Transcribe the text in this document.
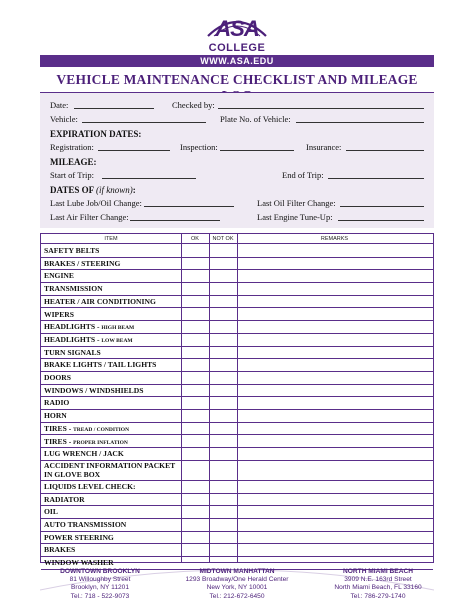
ASA
COLLEGE
WWW.ASA.EDU
VEHICLE MAINTENANCE CHECKLIST AND MILEAGE
Date:	Checked by:
Vehicle:	Plate No. of Vehicle:
EXPIRATION DATES:
Registration:	Inspection:	Insurance:
MILEAGE:
Start of Trip:	End of Trip:
DATES OF (if known):
Last Lube Job/Oil Change:	Last Oil Filter Change:
Last Air Filter Change:	Last Engine Tune-Up:
ITEM	OK	NOT OK	REMARKS
SAFETY BELTS
BRAKES / STEERING
ENGINE
TRANSMISSION
HEATER / AIR CONDITIONING
WIPERS
HEADLIGHTS - HIGH BEAM
HEADLIGHTS - LOW BEAM
TURN SIGNALS
BRAKE LIGHTS / TAIL LIGHTS
DOORS
WINDOWS / WINDSHIELDS
RADIO
HORN
TIRES - TREAD / CONDITION
TIRES - PROPER INFLATION
LUG WRENCH / JACK
ACCIDENT INFORMATION PACKET
IN GLOVE BOX
LIQUIDS LEVEL CHECK:
RADIATOR
OIL
AUTO TRANSMISSION
POWER STEERING
BRAKES
WINDOW WASHER
DOWNTOWN BROOKLYN
81 Willoughby Street
Brooklyn, NY 11201
Tel.: 718 - 522-9073
MIDTOWN MANHATTAN
1293 Broadway/One Herald Center
New York, NY 10001
Tel.: 212-672-6450
NORTH MIAMI BEACH
3909 N.E. 163rd Street
North Miami Beach, FL 33160
Tel.: 786-279-1740
